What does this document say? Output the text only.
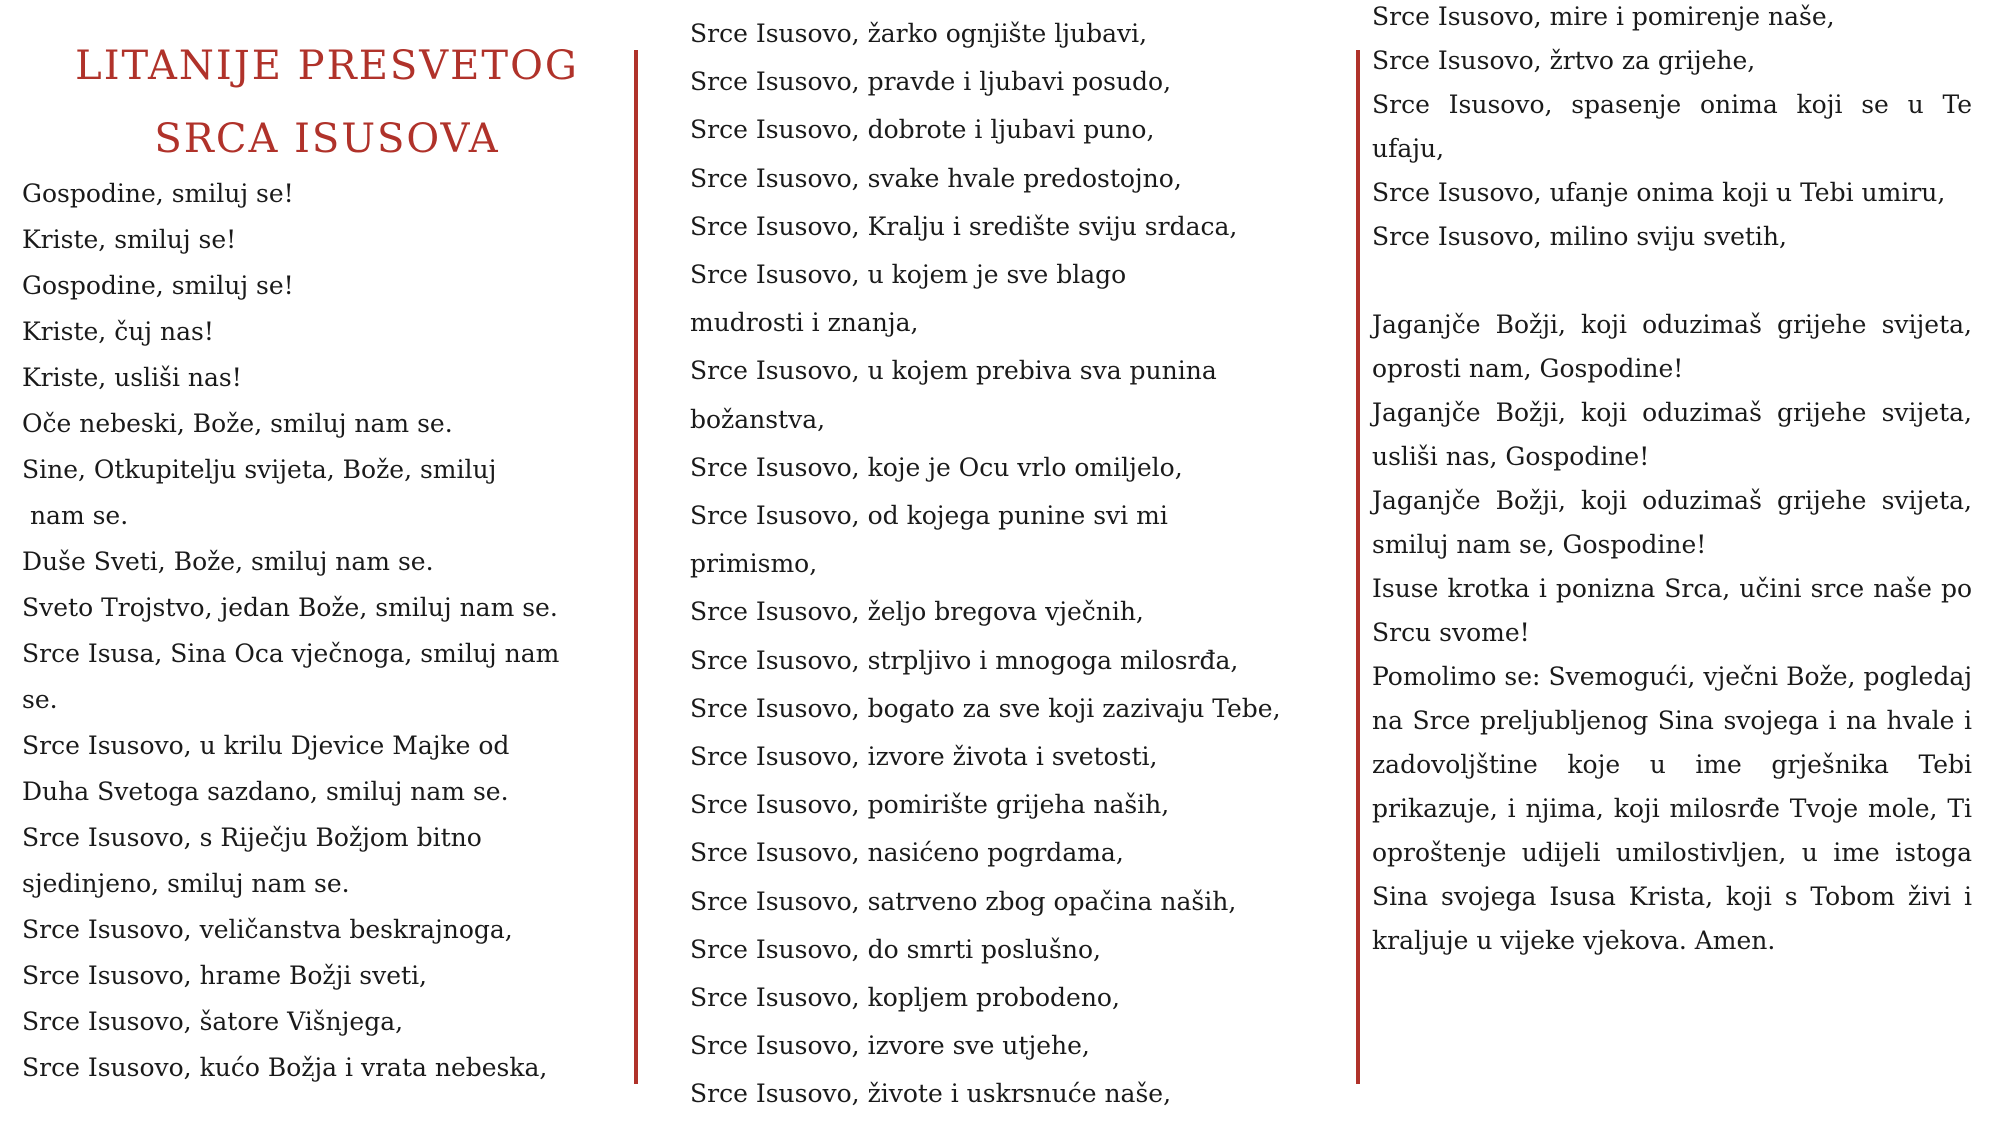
LITANIJE PRESVETOG
SRCA ISUSOVA
Gospodine, smiluj se!
Kriste, smiluj se!
Gospodine, smiluj se!
Kriste, čuj nas!
Kriste, usliši nas!
Oče nebeski, Bože, smiluj nam se.
Sine, Otkupitelju svijeta, Bože, smiluj
nam se.
Duše Sveti, Bože, smiluj nam se.
Sveto Trojstvo, jedan Bože, smiluj nam se.
Srce Isusa, Sina Oca vječnoga, smiluj nam
se.
Srce Isusovo, u krilu Djevice Majke od
Duha Svetoga sazdano, smiluj nam se.
Srce Isusovo, s Riječju Božjom bitno
sjedinjeno, smiluj nam se.
Srce Isusovo, veličanstva beskrajnoga,
Srce Isusovo, hrame Božji sveti,
Srce Isusovo, šatore Višnjega,
Srce Isusovo, kućo Božja i vrata nebeska,
Srce Isusovo, žarko ognjište ljubavi,
Srce Isusovo, pravde i ljubavi posudo,
Srce Isusovo, dobrote i ljubavi puno,
Srce Isusovo, svake hvale predostojno,
Srce Isusovo, Kralju i središte sviju srdaca,
Srce Isusovo, u kojem je sve blago
mudrosti i znanja,
Srce Isusovo, u kojem prebiva sva punina
božanstva,
Srce Isusovo, koje je Ocu vrlo omiljelo,
Srce Isusovo, od kojega punine svi mi
primismo,
Srce Isusovo, željo bregova vječnih,
Srce Isusovo, strpljivo i mnogoga milosrđa,
Srce Isusovo, bogato za sve koji zazivaju Tebe,
Srce Isusovo, izvore života i svetosti,
Srce Isusovo, pomirište grijeha naših,
Srce Isusovo, nasićeno pogrdama,
Srce Isusovo, satrveno zbog opačina naših,
Srce Isusovo, do smrti poslušno,
Srce Isusovo, kopljem probodeno,
Srce Isusovo, izvore sve utjehe,
Srce Isusovo, živote i uskrsnuće naše,
Srce Isusovo, mire i pomirenje naše,
Srce Isusovo, žrtvo za grijehe,
Srce Isusovo, spasenje onima koji se u Te ufaju,
Srce Isusovo, ufanje onima koji u Tebi umiru,
Srce Isusovo, milino sviju svetih,
Jaganjče Božji, koji oduzimaš grijehe svijeta, oprosti nam, Gospodine!
Jaganjče Božji, koji oduzimaš grijehe svijeta, usliši nas, Gospodine!
Jaganjče Božji, koji oduzimaš grijehe svijeta, smiluj nam se, Gospodine!
Isuse krotka i ponizna Srca, učini srce naše po Srcu svome!
Pomolimo se: Svemogući, vječni Bože, pogledaj na Srce preljubljenog Sina svojega i na hvale i zadovoljštine koje u ime grješnika Tebi prikazuje, i njima, koji milosrđe Tvoje mole, Ti oproštenje udijeli umilostivljen, u ime istoga Sina svojega Isusa Krista, koji s Tobom živi i kraljuje u vijeke vjekova. Amen.
